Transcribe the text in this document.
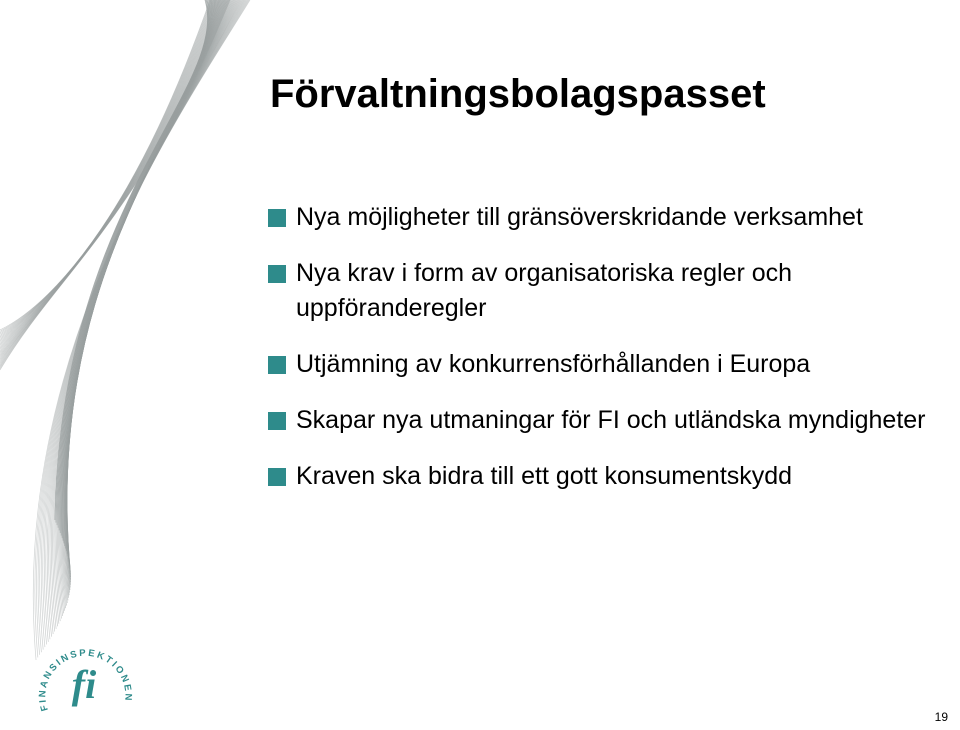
Förvaltningsbolagspasset
Nya möjligheter till gränsöverskridande verksamhet
Nya krav i form av organisatoriska regler och uppföranderegler
Utjämning av konkurrensförhållanden i Europa
Skapar nya utmaningar för FI och utländska myndigheter
Kraven ska bidra till ett gott konsumentskydd
FINANSINSPEKTIONEN
fi
19
